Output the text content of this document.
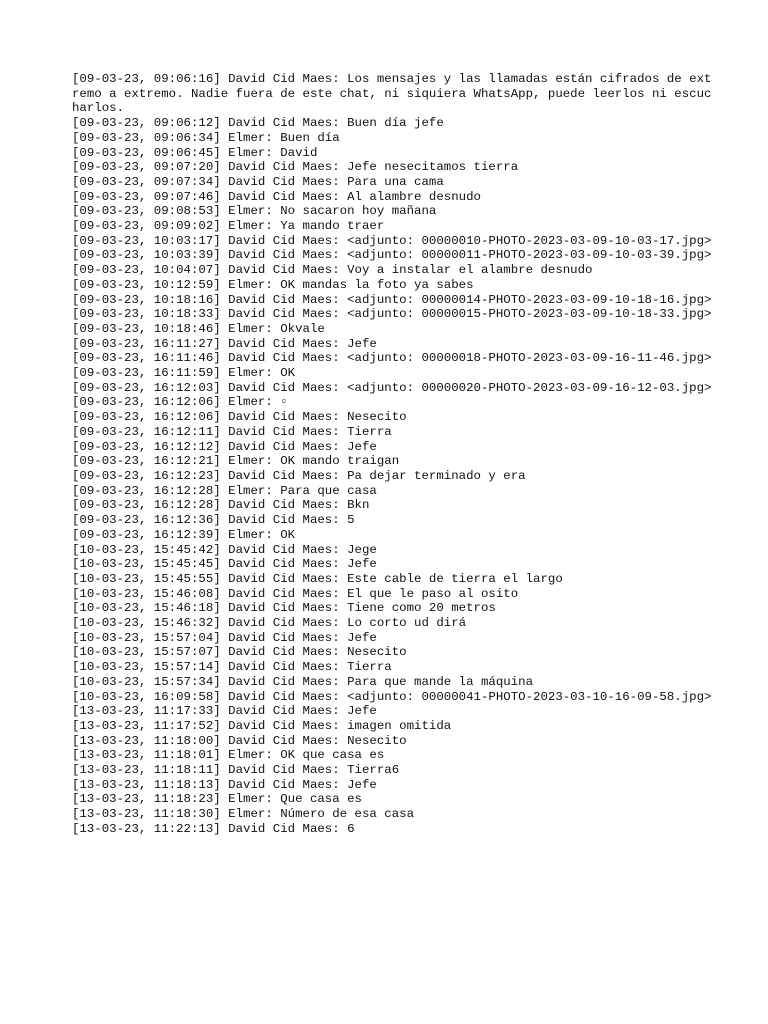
[09-03-23, 09:06:16] David Cid Maes: Los mensajes y las llamadas están cifrados de extremo a extremo. Nadie fuera de este chat, ni siquiera WhatsApp, puede leerlos ni escucharlos.
[09-03-23, 09:06:12] David Cid Maes: Buen día jefe
[09-03-23, 09:06:34] Elmer: Buen día
[09-03-23, 09:06:45] Elmer: David
[09-03-23, 09:07:20] David Cid Maes: Jefe nesecitamos tierra
[09-03-23, 09:07:34] David Cid Maes: Para una cama
[09-03-23, 09:07:46] David Cid Maes: Al alambre desnudo
[09-03-23, 09:08:53] Elmer: No sacaron hoy mañana
[09-03-23, 09:09:02] Elmer: Ya mando traer
[09-03-23, 10:03:17] David Cid Maes: <adjunto: 00000010-PHOTO-2023-03-09-10-03-17.jpg>
[09-03-23, 10:03:39] David Cid Maes: <adjunto: 00000011-PHOTO-2023-03-09-10-03-39.jpg>
[09-03-23, 10:04:07] David Cid Maes: Voy a instalar el alambre desnudo
[09-03-23, 10:12:59] Elmer: OK mandas la foto ya sabes
[09-03-23, 10:18:16] David Cid Maes: <adjunto: 00000014-PHOTO-2023-03-09-10-18-16.jpg>
[09-03-23, 10:18:33] David Cid Maes: <adjunto: 00000015-PHOTO-2023-03-09-10-18-33.jpg>
[09-03-23, 10:18:46] Elmer: Okvale
[09-03-23, 16:11:27] David Cid Maes: Jefe
[09-03-23, 16:11:46] David Cid Maes: <adjunto: 00000018-PHOTO-2023-03-09-16-11-46.jpg>
[09-03-23, 16:11:59] Elmer: OK
[09-03-23, 16:12:03] David Cid Maes: <adjunto: 00000020-PHOTO-2023-03-09-16-12-03.jpg>
[09-03-23, 16:12:06] Elmer: ▫
[09-03-23, 16:12:06] David Cid Maes: Nesecito
[09-03-23, 16:12:11] David Cid Maes: Tierra
[09-03-23, 16:12:12] David Cid Maes: Jefe
[09-03-23, 16:12:21] Elmer: OK mando traigan
[09-03-23, 16:12:23] David Cid Maes: Pa dejar terminado y era
[09-03-23, 16:12:28] Elmer: Para que casa
[09-03-23, 16:12:28] David Cid Maes: Bkn
[09-03-23, 16:12:36] David Cid Maes: 5
[09-03-23, 16:12:39] Elmer: OK
[10-03-23, 15:45:42] David Cid Maes: Jege
[10-03-23, 15:45:45] David Cid Maes: Jefe
[10-03-23, 15:45:55] David Cid Maes: Este cable de tierra el largo
[10-03-23, 15:46:08] David Cid Maes: El que le paso al osito
[10-03-23, 15:46:18] David Cid Maes: Tiene como 20 metros
[10-03-23, 15:46:32] David Cid Maes: Lo corto ud dirá
[10-03-23, 15:57:04] David Cid Maes: Jefe
[10-03-23, 15:57:07] David Cid Maes: Nesecito
[10-03-23, 15:57:14] David Cid Maes: Tierra
[10-03-23, 15:57:34] David Cid Maes: Para que mande la máquina
[10-03-23, 16:09:58] David Cid Maes: <adjunto: 00000041-PHOTO-2023-03-10-16-09-58.jpg>
[13-03-23, 11:17:33] David Cid Maes: Jefe
[13-03-23, 11:17:52] David Cid Maes: imagen omitida
[13-03-23, 11:18:00] David Cid Maes: Nesecito
[13-03-23, 11:18:01] Elmer: OK que casa es
[13-03-23, 11:18:11] David Cid Maes: Tierra6
[13-03-23, 11:18:13] David Cid Maes: Jefe
[13-03-23, 11:18:23] Elmer: Que casa es
[13-03-23, 11:18:30] Elmer: Número de esa casa
[13-03-23, 11:22:13] David Cid Maes: 6
